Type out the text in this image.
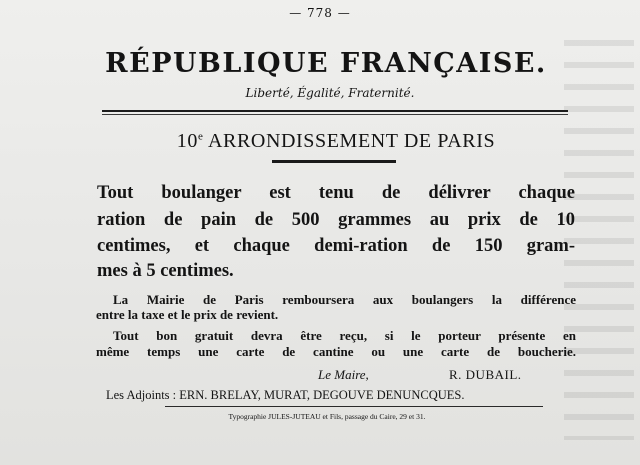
— 778 —
RÉPUBLIQUE FRANÇAISE.
Liberté, Égalité, Fraternité.
10e ARRONDISSEMENT DE PARIS
Tout boulanger est tenu de délivrer chaque
ration de pain de 500 grammes au prix de 10
centimes, et chaque demi-ration de 150 gram-
mes à 5 centimes.
La Mairie de Paris remboursera aux boulangers la différence
entre la taxe et le prix de revient.
Tout bon gratuit devra être reçu, si le porteur présente en
même temps une carte de cantine ou une carte de boucherie.
Le Maire,	R. DUBAIL.
Les Adjoints : ERN. BRELAY, MURAT, DEGOUVE DENUNCQUES.
Typographie JULES-JUTEAU et Fils, passage du Caire, 29 et 31.
